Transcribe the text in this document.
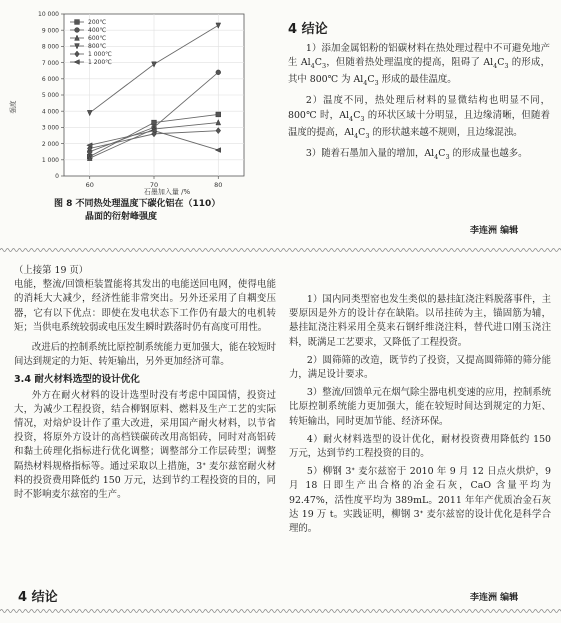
0
1 000
2 000
3 000
4 000
5 000
6 000
7 000
8 000
9 000
10 000
60	70	80
200℃
400℃
600℃
800℃
1 000℃
1 200℃
强度
石墨加入量 /%
图 8 不同热处理温度下碳化铝在（110）
晶面的衍射峰强度
4 结论

1）添加金属铝粉的铝碳材料在热处理过程中不可避免地产生 $Al_4C_3$，但随着热处理温度的提高，阻碍了 $Al_4C_3$ 的形成，其中 800℃ 为 $Al_4C_3$ 形成的最佳温度。

2）温度不同，热处理后材料的显微结构也明显不同，800℃ 时，$Al_4C_3$ 的环状区域十分明显，且边缘清晰，但随着温度的提高，$Al_4C_3$ 的形状越来越不规则，且边缘混浊。

3）随着石墨加入量的增加，$Al_4C_3$ 的形成量也越多。

李连洲 编辑

（上接第 19 页）

电能，整流/回馈柜装置能将其发出的电能送回电网，使得电能的消耗大大减少，经济性能非常突出。另外还采用了自耦变压器，它有以下优点：即使在发电状态下工作仍有最大的电机转矩；当供电系统较弱或电压发生瞬时跌落时仍有高度可用性。

改进后的控制系统比原控制系统能力更加强大，能在较短时间达到规定的力矩、转矩输出，另外更加经济可靠。

3.4 耐火材料选型的设计优化

外方在耐火材料的设计选型时没有考虑中国国情，投资过大，为减少工程投资，结合柳钢原料、燃料及生产工艺的实际情况，对焙炉设计作了重大改进，采用国产耐火材料，以节省投资，将原外方设计的高档镁碳砖改用高铝砖，同时对高铝砖和黏土砖理化指标进行优化调整；调整部分工作层砖型；调整隔热材料规格指标等。通过采取以上措施，3ᐩ 麦尔兹窑耐火材料的投资费用降低约 150 万元，达到节约工程投资的目的，同时不影响麦尔兹窑的生产。

1）国内同类型窑也发生类似的悬挂缸浇注料脱落事件，主要原因是外方的设计存在缺陷。以吊挂砖为主，锚固筋为辅，悬挂缸浇注料采用全莫来石钢纤维浇注料，替代进口刚玉浇注料，既满足工艺要求，又降低了工程投资。

2）圆筛筛的改造，既节约了投资，又提高圆筛筛的筛分能力，满足设计要求。

3）整流/回馈单元在烟气除尘器电机变速的应用，控制系统比原控制系统能力更加强大，能在较短时间达到规定的力矩、转矩输出，同时更加节能、经济环保。

4）耐火材料选型的设计优化，耐材投资费用降低约 150 万元，达到节约工程投资的目的。

5）柳钢 3ᐩ 麦尔兹窑于 2010 年 9 月 12 日点火烘炉，9 月 18 日即生产出合格的冶金石灰，CaO 含量平均为 92.47%，活性度平均为 389mL。2011 年年产优质冶金石灰达 19 万 t。实践证明，柳钢 3ᐩ 麦尔兹窑的设计优化是科学合理的。

4 结论	李连洲 编辑
